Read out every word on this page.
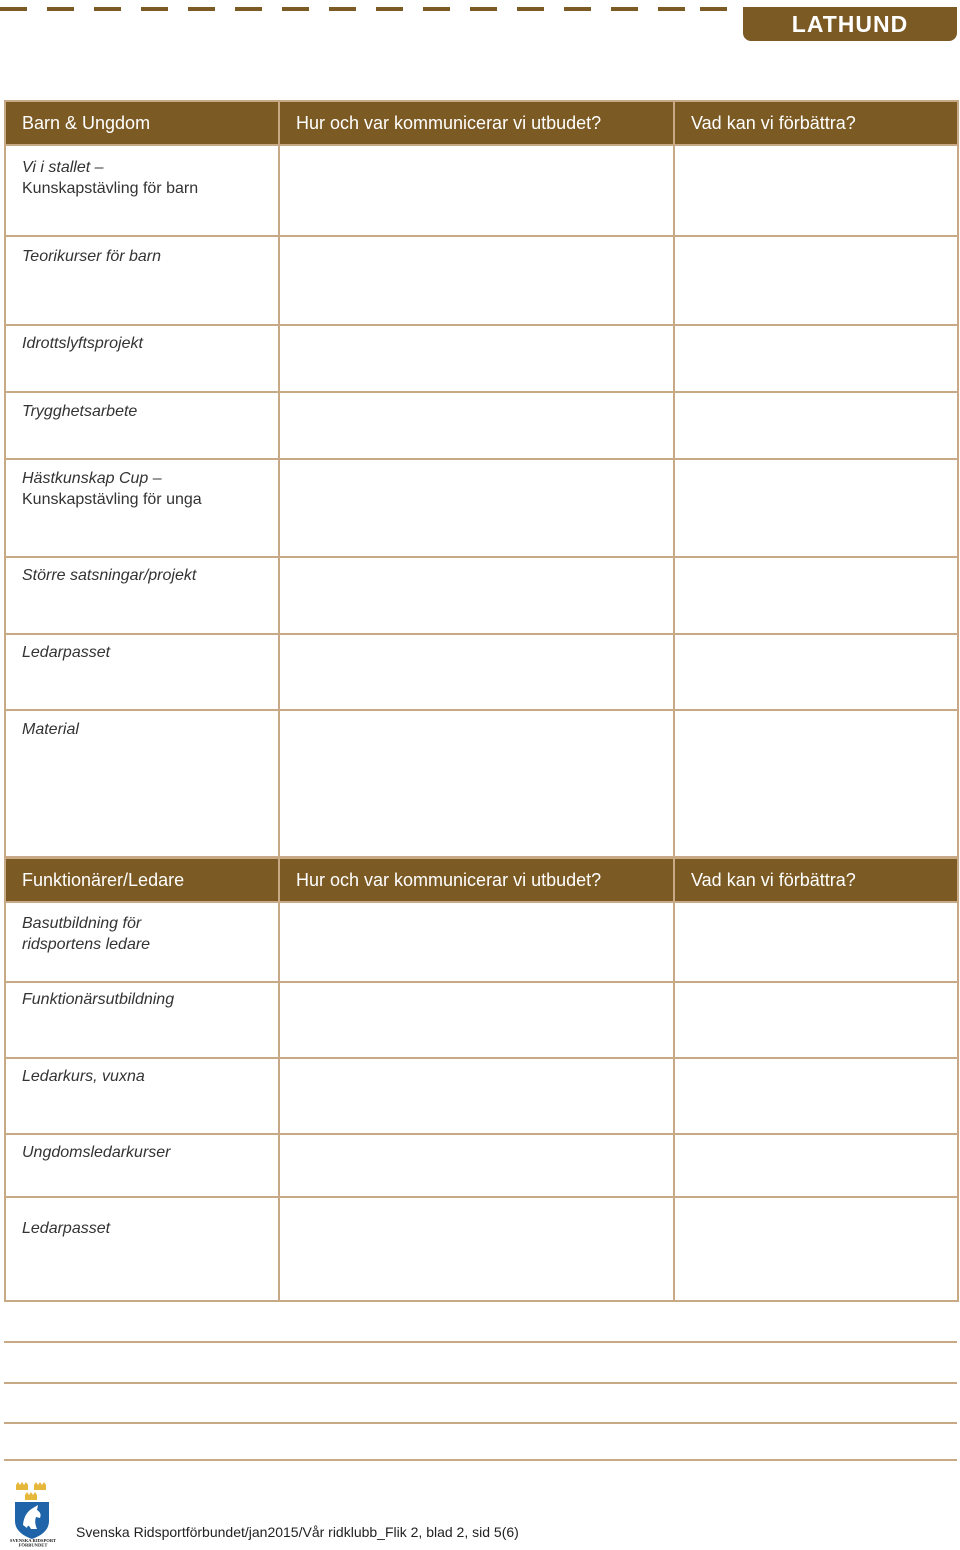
LATHUND
Barn & Ungdom	Hur och var kommunicerar vi utbudet?	Vad kan vi förbättra?

Vi i stallet –
Kunskapstävling för barn		

Teorikurser för barn		

Idrottslyftsprojekt		

Trygghetsarbete		

Hästkunskap Cup –
Kunskapstävling för unga		

Större satsningar/projekt		

Ledarpasset		

Material		

Funktionärer/Ledare	Hur och var kommunicerar vi utbudet?	Vad kan vi förbättra?

Basutbildning för
ridsportens ledare		

Funktionärsutbildning		

Ledarkurs, vuxna		

Ungdomsledarkurser		

Ledarpasset		

SVENSKA RIDSPORT
FÖRBUNDET
Svenska Ridsportförbundet/jan2015/Vår ridklubb_Flik 2, blad 2, sid 5(6)
